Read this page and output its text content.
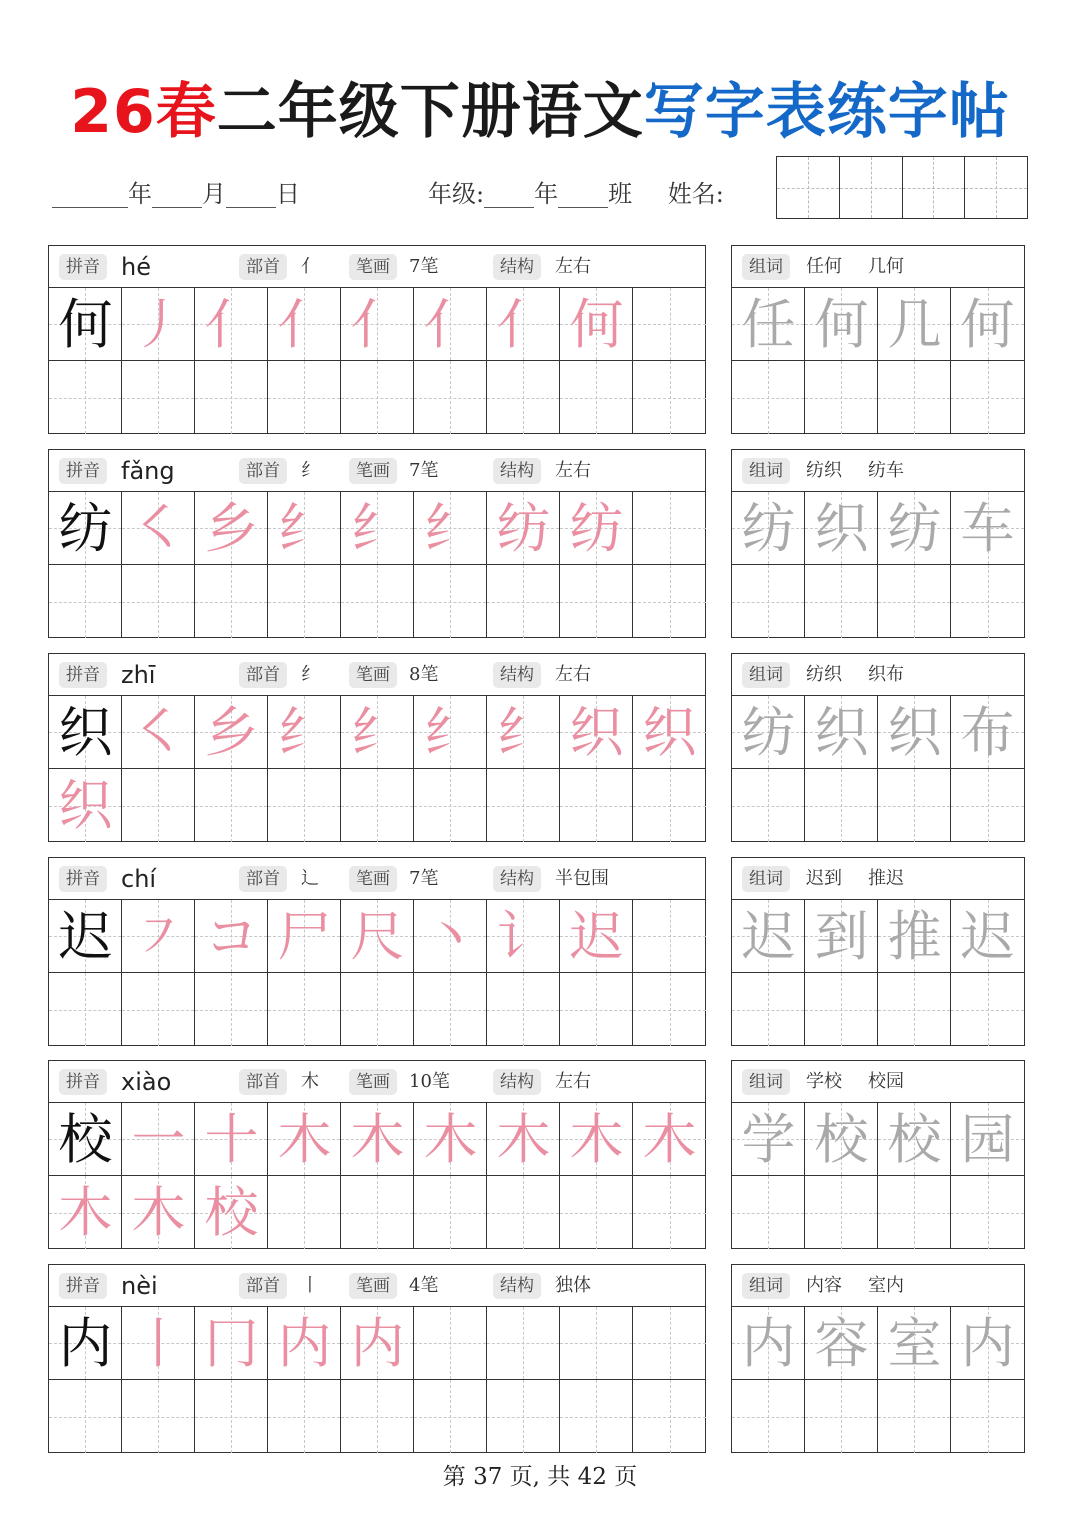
26春二年级下册语文写字表练字帖
年 月 日	年级: 年 班 姓名:
拼音 hé	部首	亻	笔画	7笔	结构	左右
何 丿 亻 亻 亻 亻 亻 何
组词	任何 几何
任 何 几 何
拼音 fǎng	部首	纟	笔画	7笔	结构	左右
纺 ㇛ 乡 纟 纟 纟 纺 纺
组词	纺织 纺车
纺 织 纺 车
拼音 zhī	部首	纟	笔画	8笔	结构	左右
织 ㇛ 乡 纟 纟 纟 纟 织 织
织
组词	纺织 织布
纺 织 织 布
拼音 chí	部首	辶	笔画	7笔	结构	半包围
迟 ㇇ コ 尸 尺 丶 讠 迟
组词	迟到 推迟
迟 到 推 迟
拼音 xiào	部首	木	笔画	10笔	结构	左右
校 一 十 木 木 木 木 木 木
木 木 校
组词	学校 校园
学 校 校 园
拼音 nèi	部首	丨	笔画	4笔	结构	独体
内 丨 冂 内 内
组词	内容 室内
内 容 室 内
第 37 页, 共 42 页
